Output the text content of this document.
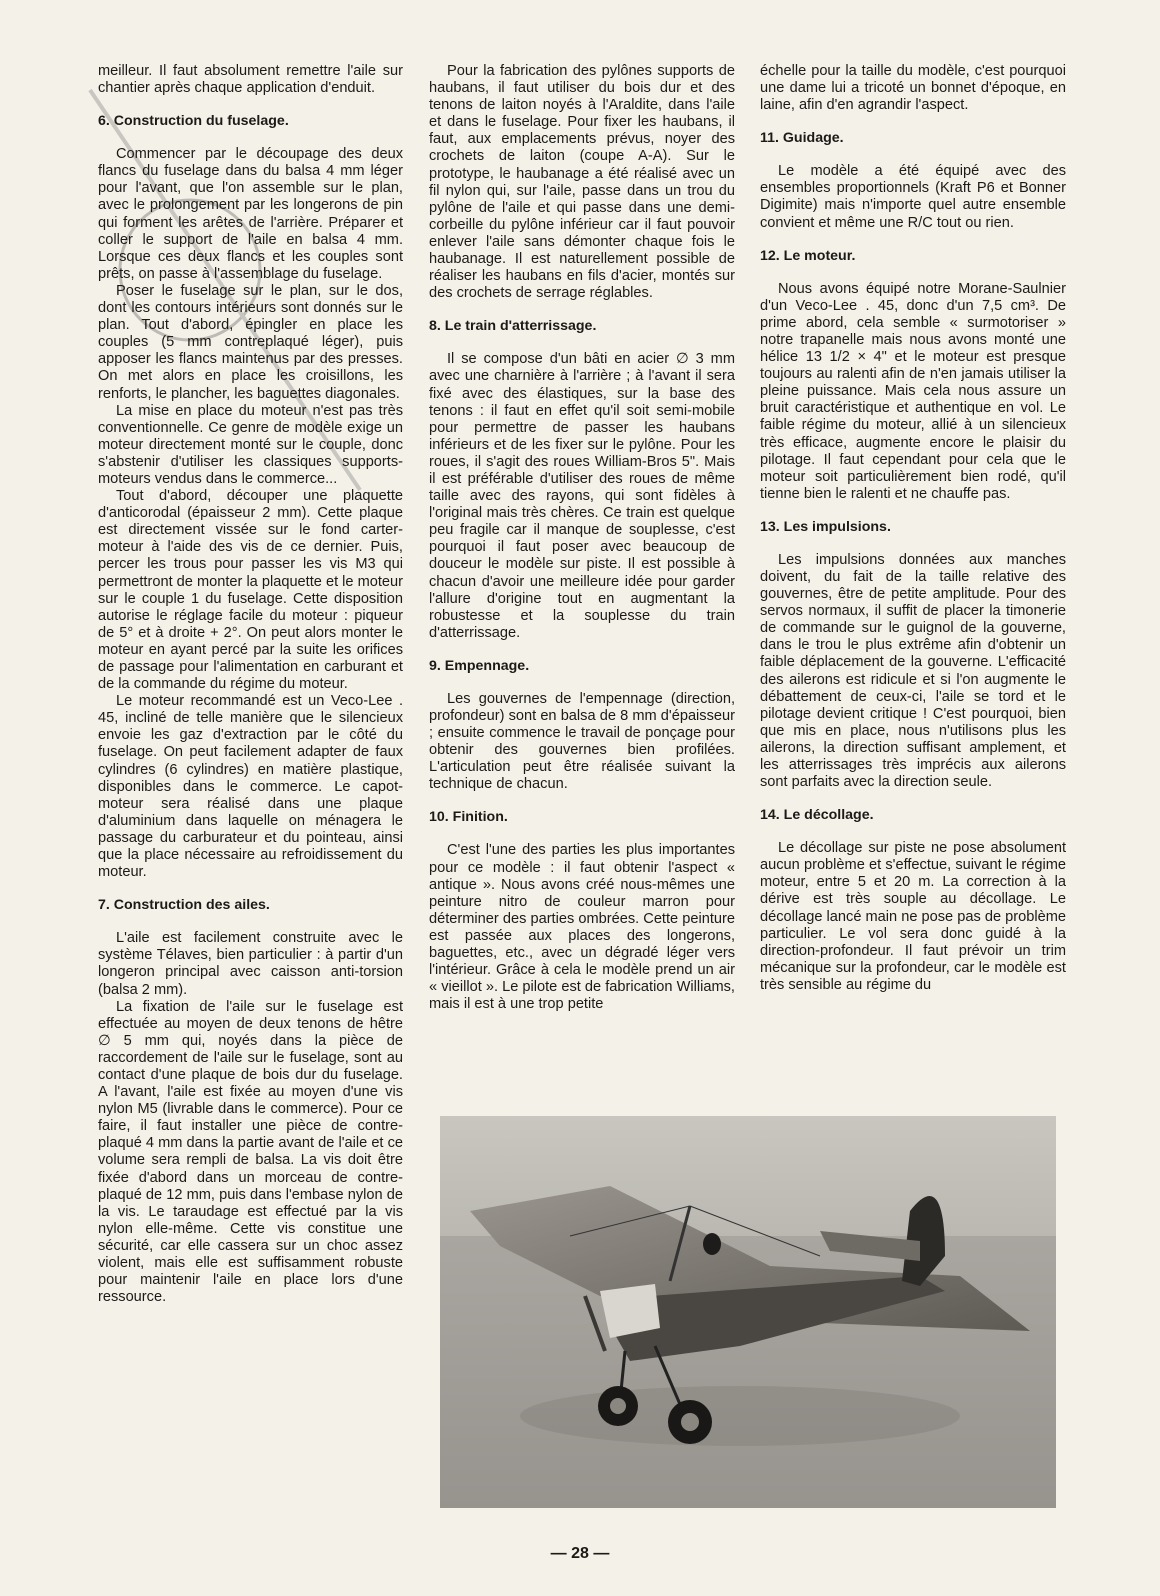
meilleur. Il faut absolument remettre l'aile sur chantier après chaque application d'enduit.

6. Construction du fuselage.

Commencer par le découpage des deux flancs du fuselage dans du balsa 4 mm léger pour l'avant, que l'on assemble sur le plan, avec le prolongement par les longerons de pin qui forment les arêtes de l'arrière. Préparer et coller le support de l'aile en balsa 4 mm. Lorsque ces deux flancs et les couples sont prêts, on passe à l'assemblage du fuselage.

Poser le fuselage sur le plan, sur le dos, dont les contours intérieurs sont donnés sur le plan. Tout d'abord, épingler en place les couples (5 mm contreplaqué léger), puis apposer les flancs maintenus par des presses. On met alors en place les croisillons, les renforts, le plancher, les baguettes diagonales.

La mise en place du moteur n'est pas très conventionnelle. Ce genre de modèle exige un moteur directement monté sur le couple, donc s'abstenir d'utiliser les classiques supports-moteurs vendus dans le commerce...

Tout d'abord, découper une plaquette d'anticorodal (épaisseur 2 mm). Cette plaque est directement vissée sur le fond carter-moteur à l'aide des vis de ce dernier. Puis, percer les trous pour passer les vis M3 qui permettront de monter la plaquette et le moteur sur le couple 1 du fuselage. Cette disposition autorise le réglage facile du moteur : piqueur de 5° et à droite + 2°. On peut alors monter le moteur en ayant percé par la suite les orifices de passage pour l'alimentation en carburant et de la commande du régime du moteur.

Le moteur recommandé est un Veco-Lee . 45, incliné de telle manière que le silencieux envoie les gaz d'extraction par le côté du fuselage. On peut facilement adapter de faux cylindres (6 cylindres) en matière plastique, disponibles dans le commerce. Le capot-moteur sera réalisé dans une plaque d'aluminium dans laquelle on ménagera le passage du carburateur et du pointeau, ainsi que la place nécessaire au refroidissement du moteur.

7. Construction des ailes.

L'aile est facilement construite avec le système Télaves, bien particulier : à partir d'un longeron principal avec caisson anti-torsion (balsa 2 mm).

La fixation de l'aile sur le fuselage est effectuée au moyen de deux tenons de hêtre ∅ 5 mm qui, noyés dans la pièce de raccordement de l'aile sur le fuselage, sont au contact d'une plaque de bois dur du fuselage. A l'avant, l'aile est fixée au moyen d'une vis nylon M5 (livrable dans le commerce). Pour ce faire, il faut installer une pièce de contre-plaqué 4 mm dans la partie avant de l'aile et ce volume sera rempli de balsa. La vis doit être fixée d'abord dans un morceau de contre-plaqué de 12 mm, puis dans l'embase nylon de la vis. Le taraudage est effectué par la vis nylon elle-même. Cette vis constitue une sécurité, car elle cassera sur un choc assez violent, mais elle est suffisamment robuste pour maintenir l'aile en place lors d'une ressource.

Pour la fabrication des pylônes supports de haubans, il faut utiliser du bois dur et des tenons de laiton noyés à l'Araldite, dans l'aile et dans le fuselage. Pour fixer les haubans, il faut, aux emplacements prévus, noyer des crochets de laiton (coupe A-A). Sur le prototype, le haubanage a été réalisé avec un fil nylon qui, sur l'aile, passe dans un trou du pylône de l'aile et qui passe dans une demi-corbeille du pylône inférieur car il faut pouvoir enlever l'aile sans démonter chaque fois le haubanage. Il est naturellement possible de réaliser les haubans en fils d'acier, montés sur des crochets de serrage réglables.

8. Le train d'atterrissage.

Il se compose d'un bâti en acier ∅ 3 mm avec une charnière à l'arrière ; à l'avant il sera fixé avec des élastiques, sur la base des tenons : il faut en effet qu'il soit semi-mobile pour permettre de passer les haubans inférieurs et de les fixer sur le pylône. Pour les roues, il s'agit des roues William-Bros 5". Mais il est préférable d'utiliser des roues de même taille avec des rayons, qui sont fidèles à l'original mais très chères. Ce train est quelque peu fragile car il manque de souplesse, c'est pourquoi il faut poser avec beaucoup de douceur le modèle sur piste. Il est possible à chacun d'avoir une meilleure idée pour garder l'allure d'origine tout en augmentant la robustesse et la souplesse du train d'atterrissage.

9. Empennage.

Les gouvernes de l'empennage (direction, profondeur) sont en balsa de 8 mm d'épaisseur ; ensuite commence le travail de ponçage pour obtenir des gouvernes bien profilées. L'articulation peut être réalisée suivant la technique de chacun.

10. Finition.

C'est l'une des parties les plus importantes pour ce modèle : il faut obtenir l'aspect « antique ». Nous avons créé nous-mêmes une peinture nitro de couleur marron pour déterminer des parties ombrées. Cette peinture est passée aux places des longerons, baguettes, etc., avec un dégradé léger vers l'intérieur. Grâce à cela le modèle prend un air « vieillot ». Le pilote est de fabrication Williams, mais il est à une trop petite

échelle pour la taille du modèle, c'est pourquoi une dame lui a tricoté un bonnet d'époque, en laine, afin d'en agrandir l'aspect.

11. Guidage.

Le modèle a été équipé avec des ensembles proportionnels (Kraft P6 et Bonner Digimite) mais n'importe quel autre ensemble convient et même une R/C tout ou rien.

12. Le moteur.

Nous avons équipé notre Morane-Saulnier d'un Veco-Lee . 45, donc d'un 7,5 cm³. De prime abord, cela semble « surmotoriser » notre trapanelle mais nous avons monté une hélice 13 1/2 × 4" et le moteur est presque toujours au ralenti afin de n'en jamais utiliser la pleine puissance. Mais cela nous assure un bruit caractéristique et authentique en vol. Le faible régime du moteur, allié à un silencieux très efficace, augmente encore le plaisir du pilotage. Il faut cependant pour cela que le moteur soit particulièrement bien rodé, qu'il tienne bien le ralenti et ne chauffe pas.

13. Les impulsions.

Les impulsions données aux manches doivent, du fait de la taille relative des gouvernes, être de petite amplitude. Pour des servos normaux, il suffit de placer la timonerie de commande sur le guignol de la gouverne, dans le trou le plus extrême afin d'obtenir un faible déplacement de la gouverne. L'efficacité des ailerons est ridicule et si l'on augmente le débattement de ceux-ci, l'aile se tord et le pilotage devient critique ! C'est pourquoi, bien que mis en place, nous n'utilisons plus les ailerons, la direction suffisant amplement, et les atterrissages très imprécis aux ailerons sont parfaits avec la direction seule.

14. Le décollage.

Le décollage sur piste ne pose absolument aucun problème et s'effectue, suivant le régime moteur, entre 5 et 20 m. La correction à la dérive est très souple au décollage. Le décollage lancé main ne pose pas de problème particulier. Le vol sera donc guidé à la direction-profondeur. Il faut prévoir un trim mécanique sur la profondeur, car le modèle est très sensible au régime du

— 28 —
